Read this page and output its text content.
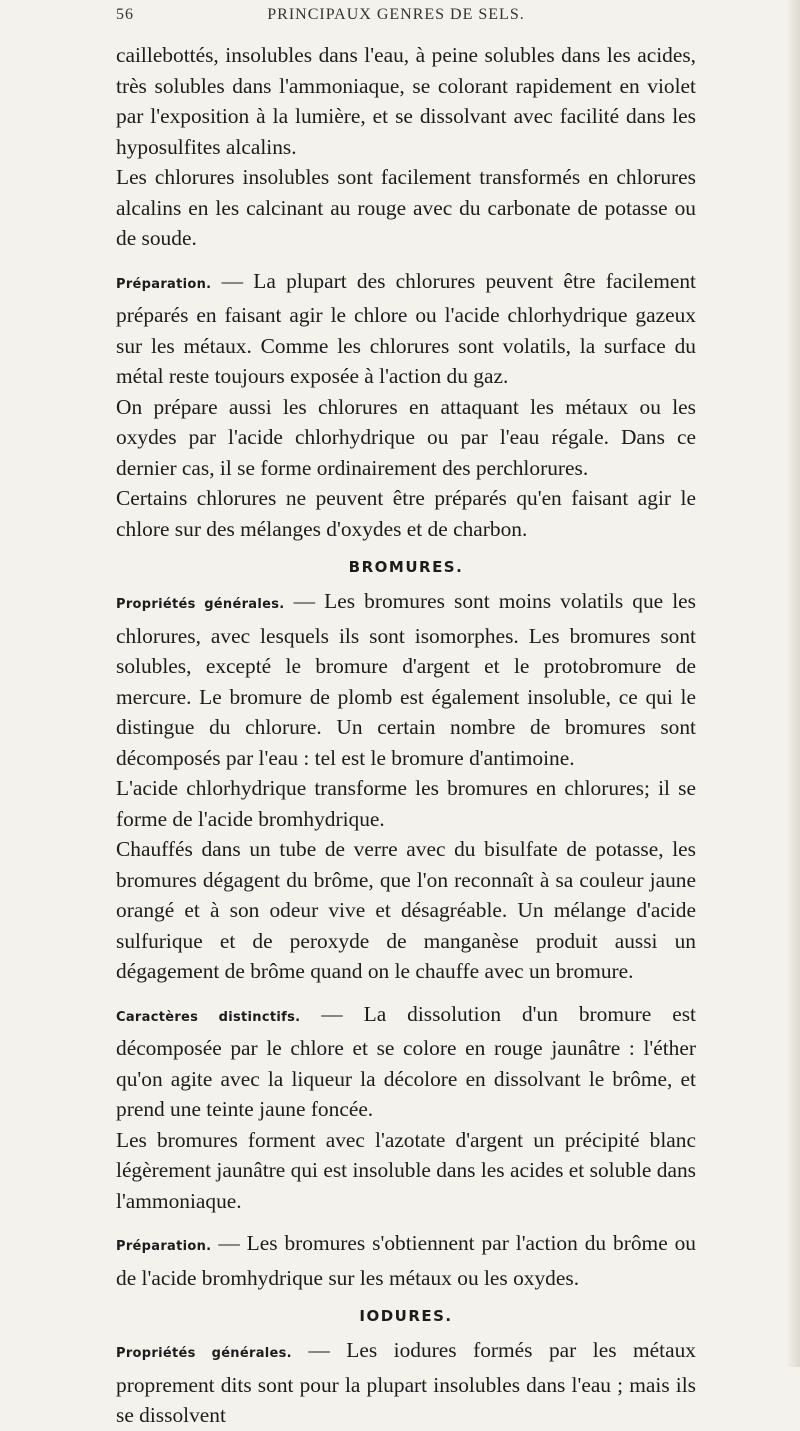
56	PRINCIPAUX GENRES DE SELS.

caillebottés, insolubles dans l'eau, à peine solubles dans les acides, très solubles dans l'ammoniaque, se colorant rapidement en violet par l'exposition à la lumière, et se dissolvant avec facilité dans les hyposulfites alcalins.

Les chlorures insolubles sont facilement transformés en chlorures alcalins en les calcinant au rouge avec du carbonate de potasse ou de soude.

Préparation. — La plupart des chlorures peuvent être facilement préparés en faisant agir le chlore ou l'acide chlorhydrique gazeux sur les métaux. Comme les chlorures sont volatils, la surface du métal reste toujours exposée à l'action du gaz.

On prépare aussi les chlorures en attaquant les métaux ou les oxydes par l'acide chlorhydrique ou par l'eau régale. Dans ce dernier cas, il se forme ordinairement des perchlorures.

Certains chlorures ne peuvent être préparés qu'en faisant agir le chlore sur des mélanges d'oxydes et de charbon.

BROMURES.

Propriétés générales. — Les bromures sont moins volatils que les chlorures, avec lesquels ils sont isomorphes. Les bromures sont solubles, excepté le bromure d'argent et le protobromure de mercure. Le bromure de plomb est également insoluble, ce qui le distingue du chlorure. Un certain nombre de bromures sont décomposés par l'eau : tel est le bromure d'antimoine.

L'acide chlorhydrique transforme les bromures en chlorures; il se forme de l'acide bromhydrique.

Chauffés dans un tube de verre avec du bisulfate de potasse, les bromures dégagent du brôme, que l'on reconnaît à sa couleur jaune orangé et à son odeur vive et désagréable. Un mélange d'acide sulfurique et de peroxyde de manganèse produit aussi un dégagement de brôme quand on le chauffe avec un bromure.

Caractères distinctifs. — La dissolution d'un bromure est décomposée par le chlore et se colore en rouge jaunâtre : l'éther qu'on agite avec la liqueur la décolore en dissolvant le brôme, et prend une teinte jaune foncée.

Les bromures forment avec l'azotate d'argent un précipité blanc légèrement jaunâtre qui est insoluble dans les acides et soluble dans l'ammoniaque.

Préparation. — Les bromures s'obtiennent par l'action du brôme ou de l'acide bromhydrique sur les métaux ou les oxydes.

IODURES.

Propriétés générales. — Les iodures formés par les métaux proprement dits sont pour la plupart insolubles dans l'eau ; mais ils se dissolvent
